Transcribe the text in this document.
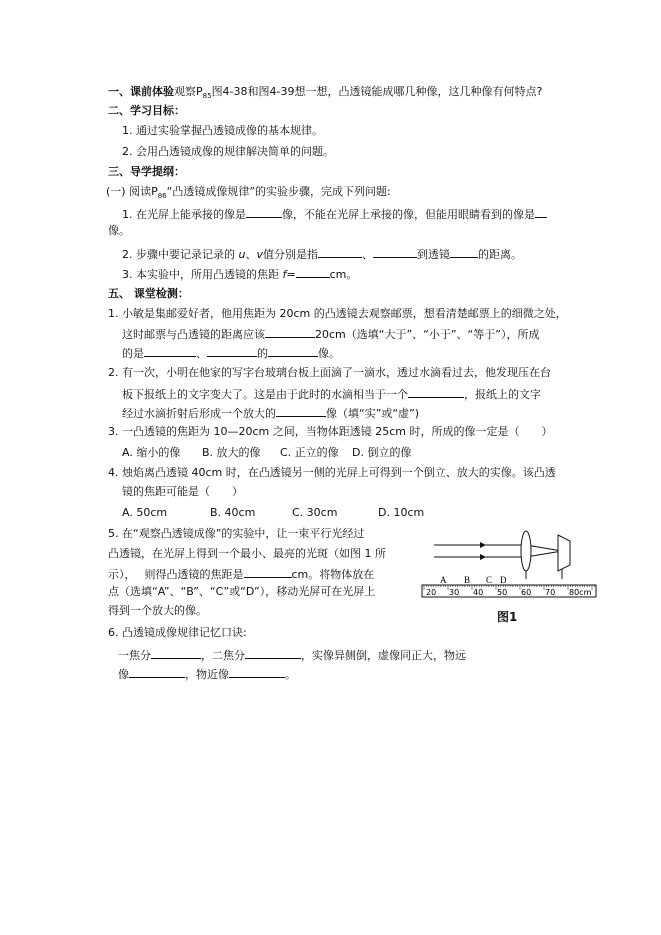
一、课前体验观察$P_{85}$图4-38和图4-39想一想，凸透镜能成哪几种像，这几种像有何特点?
二、学习目标：
1. 通过实验掌握凸透镜成像的基本规律。
2. 会用凸透镜成像的规律解决简单的问题。
三、导学提纲：
(一) 阅读$P_{86}“$凸透镜成像规律”的实验步骤，完成下列问题:
1. 在光屏上能承接的像是	像，不能在光屏上承接的像，但能用眼睛看到的像是
像。
2. 步骤中要记录记录的 u、v值分别是指	、	到透镜	的距离。
3. 本实验中，所用凸透镜的焦距 f=	cm。
五、 课堂检测：
1. 小敏是集邮爱好者，他用焦距为 20cm 的凸透镜去观察邮票，想看清楚邮票上的细微之处，
这时邮票与凸透镜的距离应该	20cm（选填“大于”、“小于”、“等于”），所成
的是	、	的	像。
2. 有一次，小明在他家的写字台玻璃台板上面滴了一滴水，透过水滴看过去，他发现压在台
板下报纸上的文字变大了。这是由于此时的水滴相当于一个	，报纸上的文字
经过水滴折射后形成一个放大的	像（填“实”或“虚”)
3. 一凸透镜的焦距为 10—20cm 之间，当物体距透镜 25cm 时，所成的像一定是（　　）
A. 缩小的像 B. 放大的像 C. 正立的像 D. 倒立的像
4. 烛焰离凸透镜 40cm 时，在凸透镜另一侧的光屏上可得到一个倒立、放大的实像。该凸透
镜的焦距可能是（　　）
A. 50cm	B. 40cm	C. 30cm	D. 10cm
5. 在“观察凸透镜成像”的实验中，让一束平行光经过
凸透镜，在光屏上得到一个最小、最亮的光斑（如图 1 所
示），　 则得凸透镜的焦距是	cm。将物体放在
点（选填“A”、“B”、“C”或“D”），移动光屏可在光屏上
得到一个放大的像。
A B C D
20 30 40 50 60 70 80cm
图1
6. 凸透镜成像规律记忆口诀:
一焦分	，二焦分	，实像异侧倒，虚像同正大，物远
像	，物近像	。
